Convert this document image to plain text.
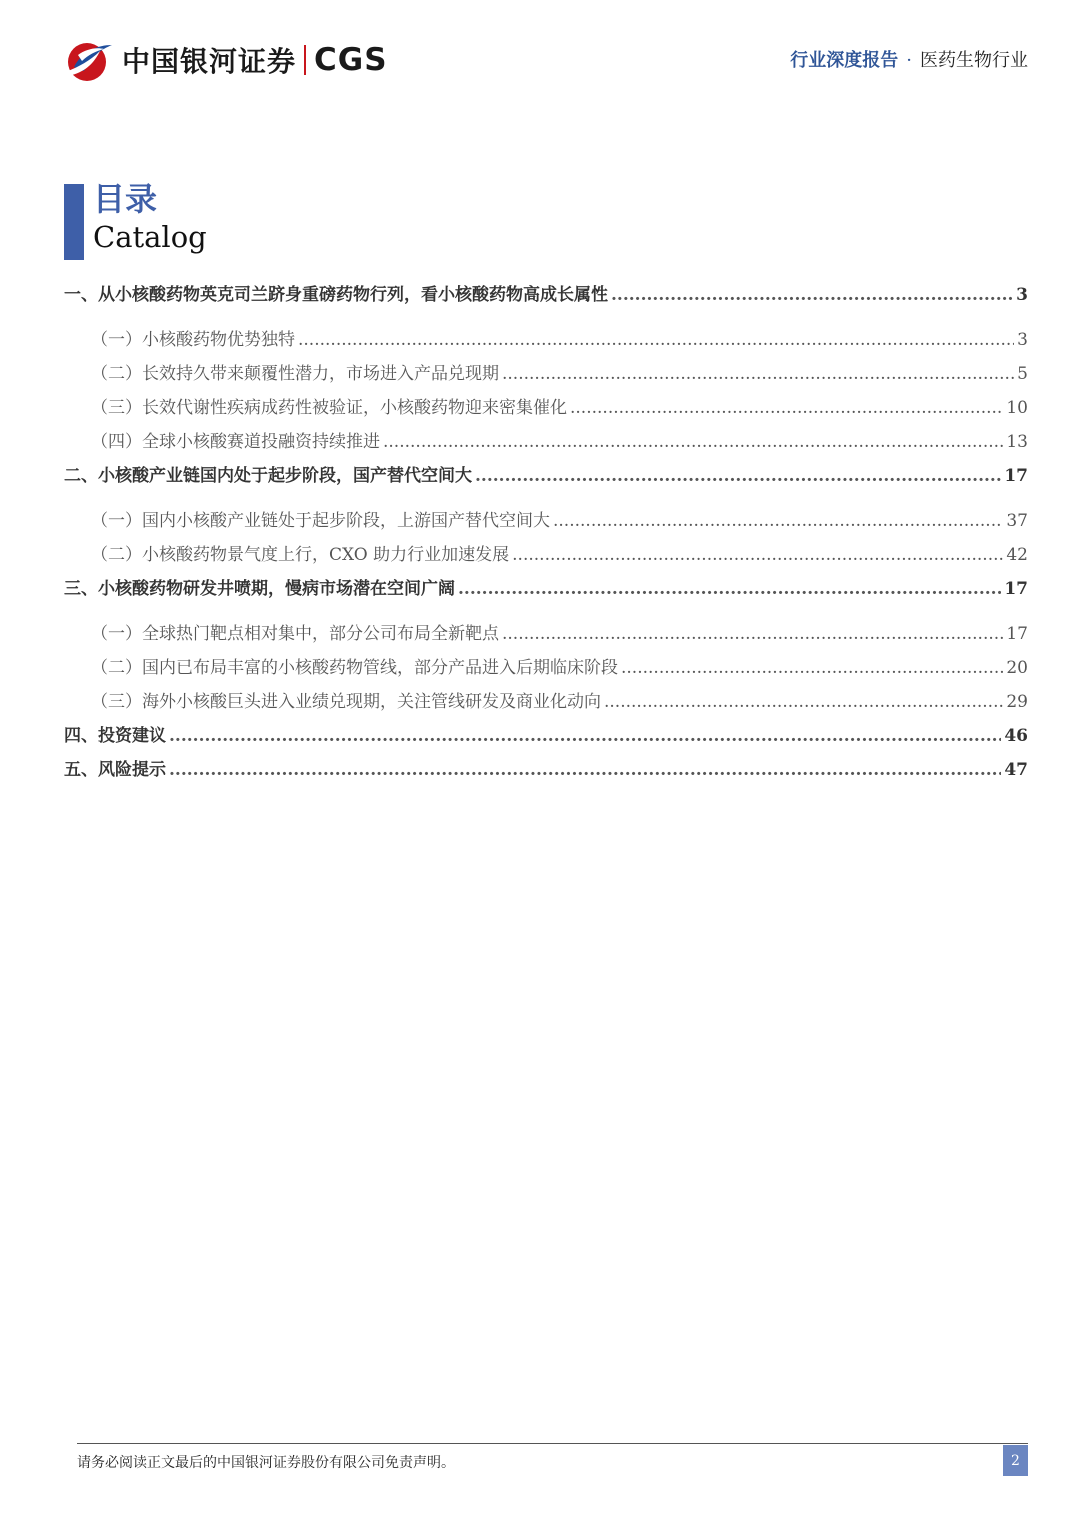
中国银河证券 CGS	行业深度报告 · 医药生物行业
目录
Catalog
一、 从小核酸药物英克司兰跻身重磅药物行列，看小核酸药物高成长属性 .....	3
（一） 小核酸药物优势独特 .....	3
（二） 长效持久带来颠覆性潜力，市场进入产品兑现期 .....	5
（三） 长效代谢性疾病成药性被验证，小核酸药物迎来密集催化 .....	10
（四） 全球小核酸赛道投融资持续推进 .....	13
二、 小核酸产业链国内处于起步阶段，国产替代空间大 .....	17
（一） 国内小核酸产业链处于起步阶段，上游国产替代空间大 .....	37
（二） 小核酸药物景气度上行，CXO 助力行业加速发展 .....	42
三、 小核酸药物研发井喷期，慢病市场潜在空间广阔 .....	17
（一） 全球热门靶点相对集中，部分公司布局全新靶点 .....	17
（二） 国内已布局丰富的小核酸药物管线，部分产品进入后期临床阶段 .....	20
（三） 海外小核酸巨头进入业绩兑现期，关注管线研发及商业化动向 .....	29
四、 投资建议 .....	46
五、 风险提示 .....	47
请务必阅读正文最后的中国银河证券股份有限公司免责声明。	2
